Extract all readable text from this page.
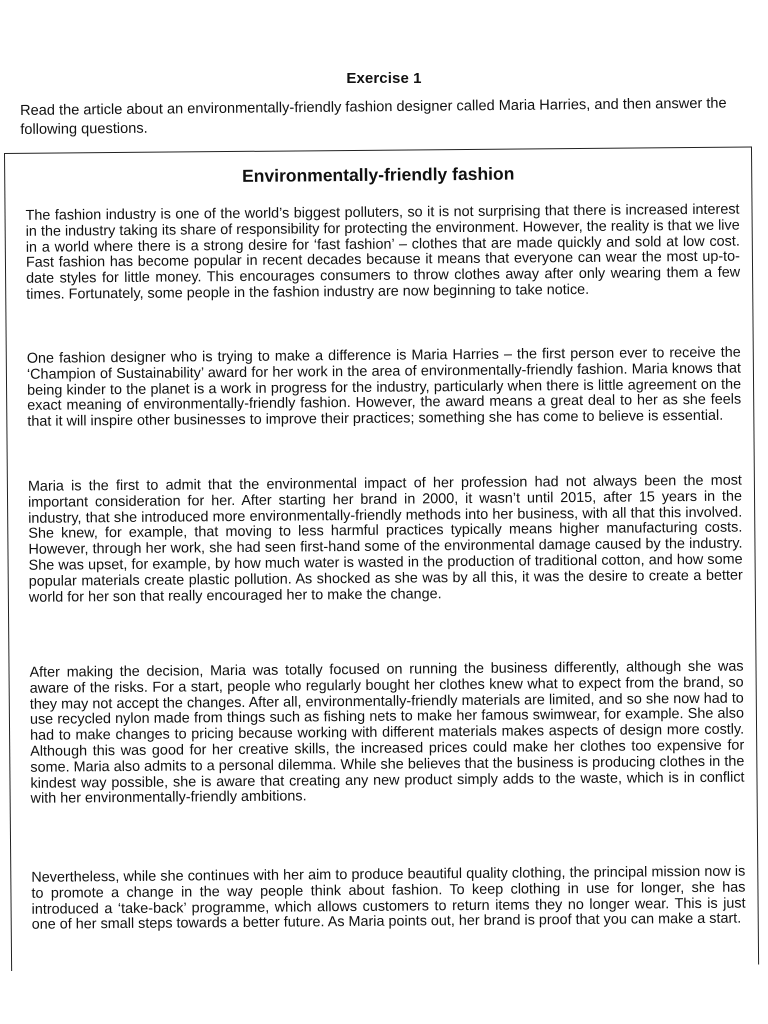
Exercise 1
Read the article about an environmentally-friendly fashion designer called Maria Harries, and then answer the following questions.
Environmentally-friendly fashion
The fashion industry is one of the world’s biggest polluters, so it is not surprising that there is increased interest in the industry taking its share of responsibility for protecting the environment. However, the reality is that we live in a world where there is a strong desire for ‘fast fashion’ – clothes that are made quickly and sold at low cost. Fast fashion has become popular in recent decades because it means that everyone can wear the most up-to-date styles for little money. This encourages consumers to throw clothes away after only wearing them a few times. Fortunately, some people in the fashion industry are now beginning to take notice.
One fashion designer who is trying to make a difference is Maria Harries – the first person ever to receive the ‘Champion of Sustainability’ award for her work in the area of environmentally-friendly fashion. Maria knows that being kinder to the planet is a work in progress for the industry, particularly when there is little agreement on the exact meaning of environmentally-friendly fashion. However, the award means a great deal to her as she feels that it will inspire other businesses to improve their practices; something she has come to believe is essential.
Maria is the first to admit that the environmental impact of her profession had not always been the most important consideration for her. After starting her brand in 2000, it wasn’t until 2015, after 15 years in the industry, that she introduced more environmentally-friendly methods into her business, with all that this involved. She knew, for example, that moving to less harmful practices typically means higher manufacturing costs. However, through her work, she had seen first-hand some of the environmental damage caused by the industry. She was upset, for example, by how much water is wasted in the production of traditional cotton, and how some popular materials create plastic pollution. As shocked as she was by all this, it was the desire to create a better world for her son that really encouraged her to make the change.
After making the decision, Maria was totally focused on running the business differently, although she was aware of the risks. For a start, people who regularly bought her clothes knew what to expect from the brand, so they may not accept the changes. After all, environmentally-friendly materials are limited, and so she now had to use recycled nylon made from things such as fishing nets to make her famous swimwear, for example. She also had to make changes to pricing because working with different materials makes aspects of design more costly. Although this was good for her creative skills, the increased prices could make her clothes too expensive for some. Maria also admits to a personal dilemma. While she believes that the business is producing clothes in the kindest way possible, she is aware that creating any new product simply adds to the waste, which is in conflict with her environmentally-friendly ambitions.
Nevertheless, while she continues with her aim to produce beautiful quality clothing, the principal mission now is to promote a change in the way people think about fashion. To keep clothing in use for longer, she has introduced a ‘take-back’ programme, which allows customers to return items they no longer wear. This is just one of her small steps towards a better future. As Maria points out, her brand is proof that you can make a start.
